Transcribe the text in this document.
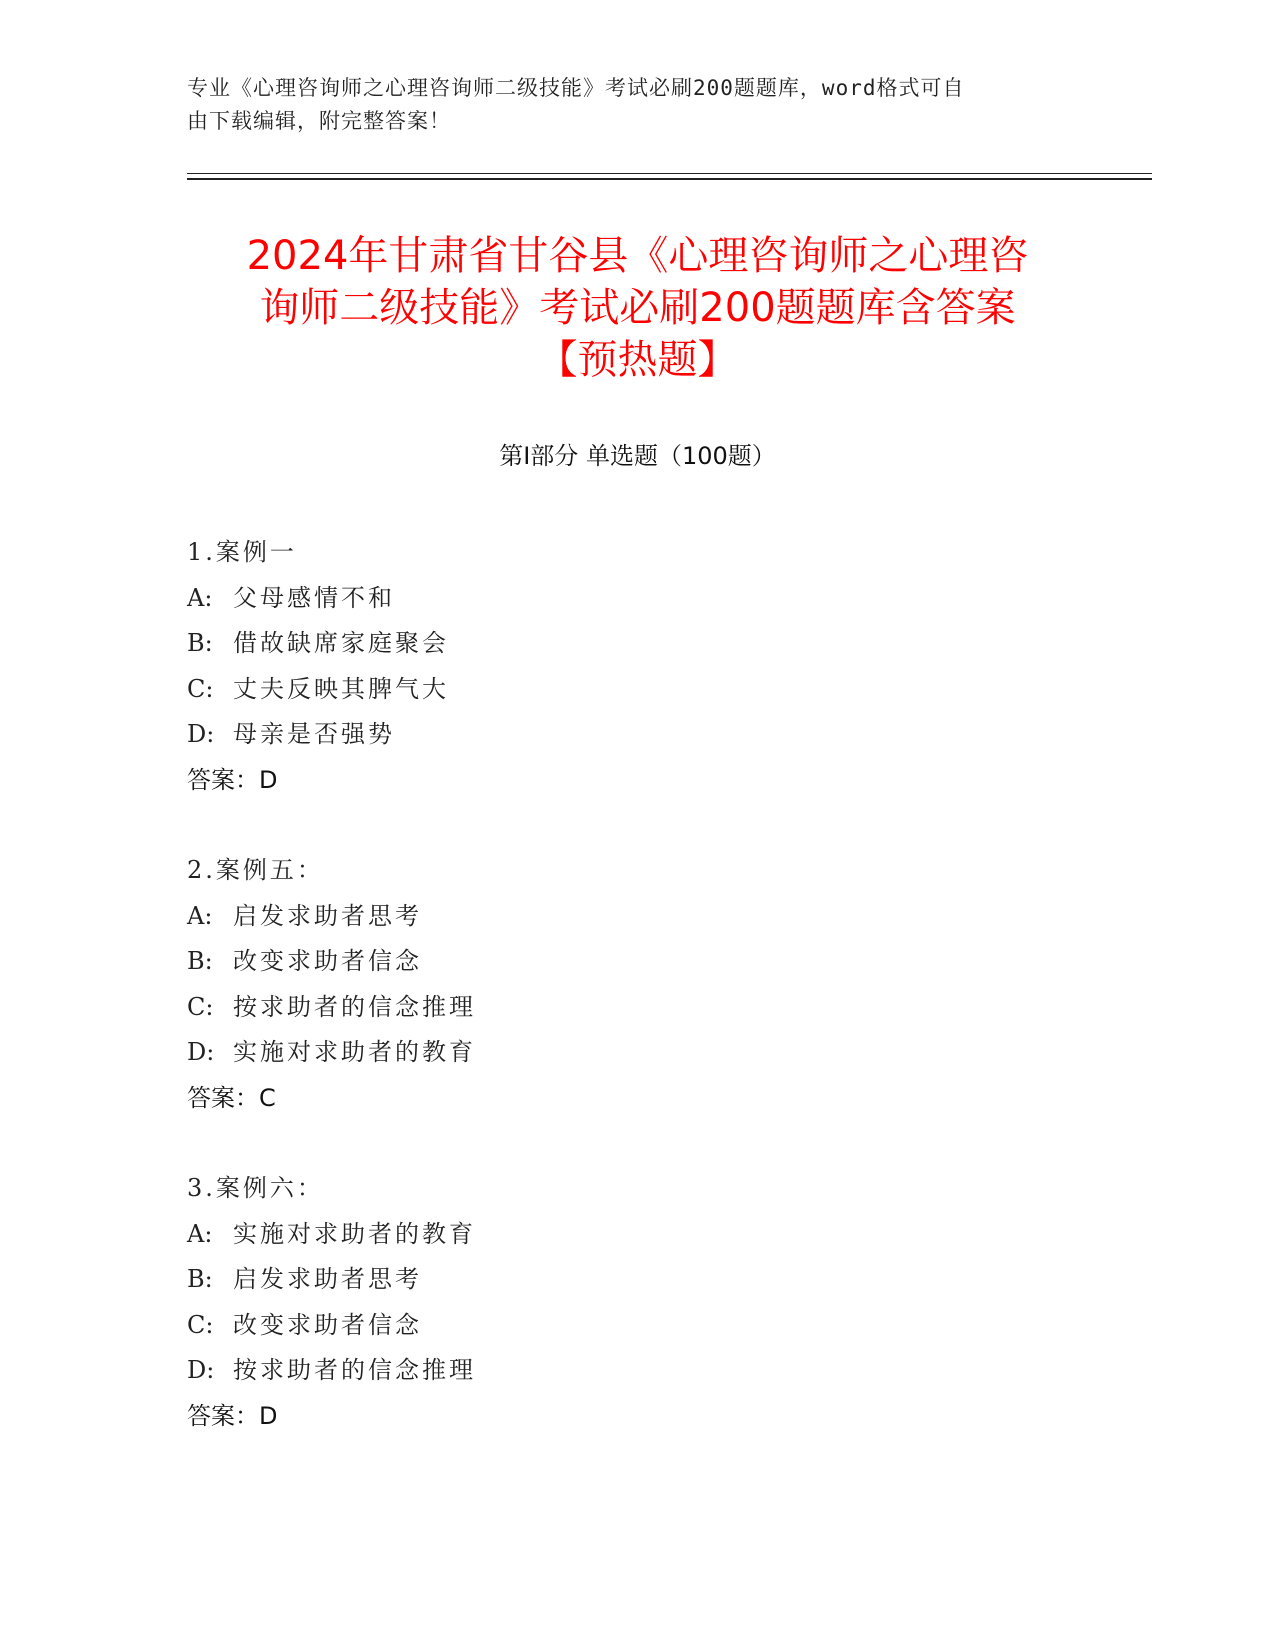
专业《心理咨询师之心理咨询师二级技能》考试必刷200题题库，word格式可自
由下载编辑，附完整答案！
2024年甘肃省甘谷县《心理咨询师之心理咨
询师二级技能》考试必刷200题题库含答案
【预热题】
第Ⅰ部分 单选题（100题）
1.案例一
A: 父母感情不和
B: 借故缺席家庭聚会
C: 丈夫反映其脾气大
D: 母亲是否强势
答案：D
2.案例五：
A: 启发求助者思考
B: 改变求助者信念
C: 按求助者的信念推理
D: 实施对求助者的教育
答案：C
3.案例六：
A: 实施对求助者的教育
B: 启发求助者思考
C: 改变求助者信念
D: 按求助者的信念推理
答案：D
